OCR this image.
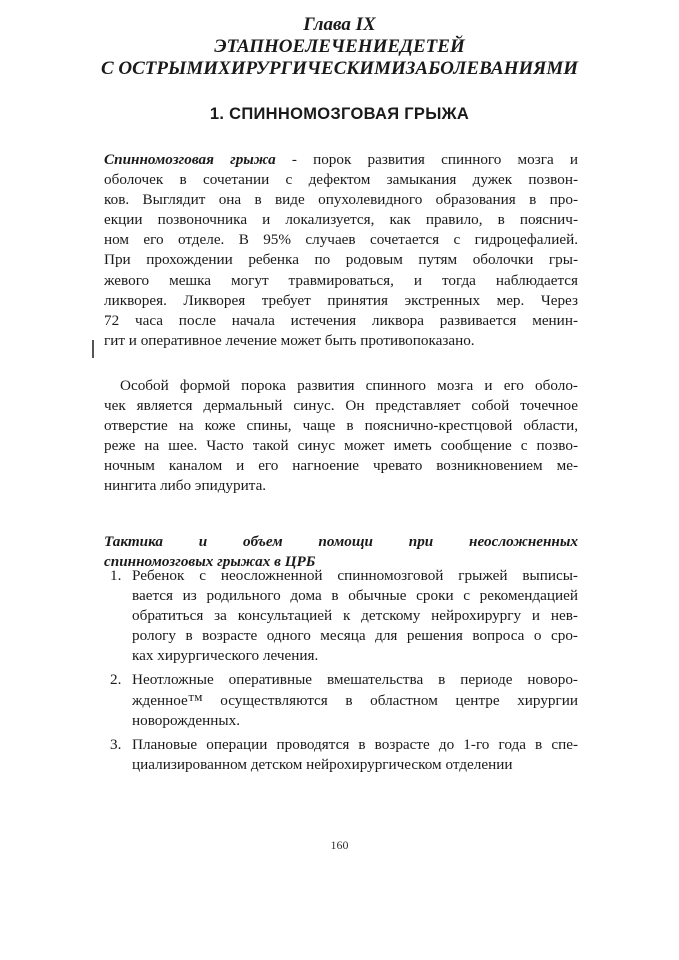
Глава IX
ЭТАПНОЕЛЕЧЕНИЕДЕТЕЙ
С ОСТРЫМИХИРУРГИЧЕСКИМИЗАБОЛЕВАНИЯМИ
1. СПИННОМОЗГОВАЯ ГРЫЖА
Спинномозговая грыжа - порок развития спинного мозга и
оболочек в сочетании с дефектом замыкания дужек позвон-
ков. Выглядит она в виде опухолевидного образования в про-
екции позвоночника и локализуется, как правило, в пояснич-
ном его отделе. В 95% случаев сочетается с гидроцефалией.
При прохождении ребенка по родовым путям оболочки гры-
жевого мешка могут травмироваться, и тогда наблюдается
ликворея. Ликворея требует принятия экстренных мер. Через
72 часа после начала истечения ликвора развивается менин-
гит и оперативное лечение может быть противопоказано.
Особой формой порока развития спинного мозга и его оболо-
чек является дермальный синус. Он представляет собой точечное
отверстие на коже спины, чаще в пояснично-крестцовой области,
реже на шее. Часто такой синус может иметь сообщение с позво-
ночным каналом и его нагноение чревато возникновением ме-
нингита либо эпидурита.
Тактика и объем помощи при неосложненных
спинномозговых грыжах в ЦРБ
1. Ребенок с неосложненной спинномозговой грыжей выписы-
вается из родильного дома в обычные сроки с рекомендацией
обратиться за консультацией к детскому нейрохирургу и нев-
рологу в возрасте одного месяца для решения вопроса о сро-
ках хирургического лечения.
2. Неотложные оперативные вмешательства в периоде новоро-
жденное™ осуществляются в областном центре хирургии
новорожденных.
3. Плановые операции проводятся в возрасте до 1-го года в спе-
циализированном детском нейрохирургическом отделении
160
